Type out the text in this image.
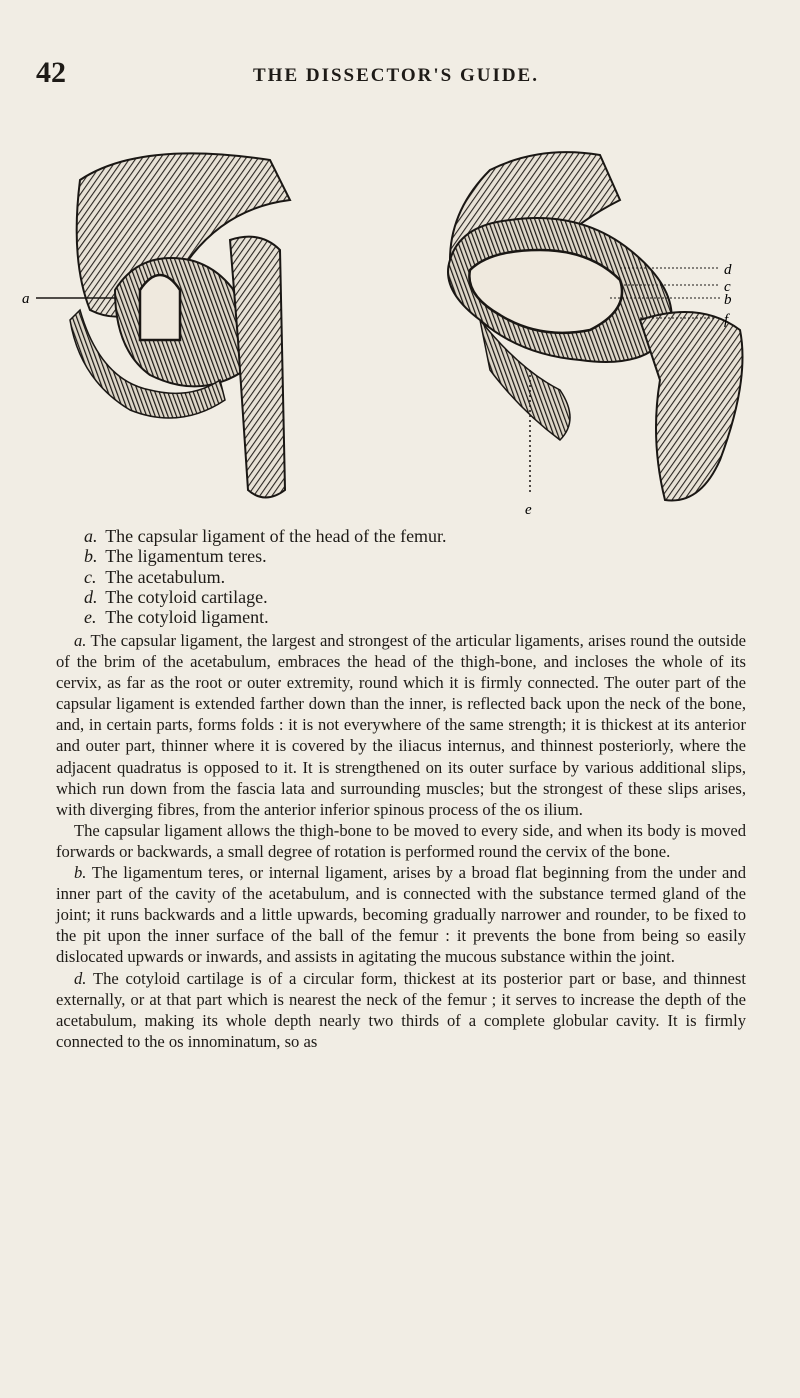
42	THE DISSECTOR'S GUIDE.
a
d
c
b
f
e
a. The capsular ligament of the head of the femur.
b. The ligamentum teres.
c. The acetabulum.
d. The cotyloid cartilage.
e. The cotyloid ligament.

a. The capsular ligament, the largest and strongest of the articular ligaments, arises round the outside of the brim of the acetabulum, embraces the head of the thigh-bone, and incloses the whole of its cervix, as far as the root or outer extremity, round which it is firmly connected. The outer part of the capsular ligament is extended farther down than the inner, is reflected back upon the neck of the bone, and, in certain parts, forms folds : it is not everywhere of the same strength; it is thickest at its anterior and outer part, thinner where it is covered by the iliacus internus, and thinnest posteriorly, where the adjacent quadratus is opposed to it. It is strengthened on its outer surface by various additional slips, which run down from the fascia lata and surrounding muscles; but the strongest of these slips arises, with diverging fibres, from the anterior inferior spinous process of the os ilium.

The capsular ligament allows the thigh-bone to be moved to every side, and when its body is moved forwards or backwards, a small degree of rotation is performed round the cervix of the bone.

b. The ligamentum teres, or internal ligament, arises by a broad flat beginning from the under and inner part of the cavity of the acetabulum, and is connected with the substance termed gland of the joint; it runs backwards and a little upwards, becoming gradually narrower and rounder, to be fixed to the pit upon the inner surface of the ball of the femur : it prevents the bone from being so easily dislocated upwards or inwards, and assists in agitating the mucous substance within the joint.

d. The cotyloid cartilage is of a circular form, thickest at its posterior part or base, and thinnest externally, or at that part which is nearest the neck of the femur ; it serves to increase the depth of the acetabulum, making its whole depth nearly two thirds of a complete globular cavity. It is firmly connected to the os innominatum, so as
